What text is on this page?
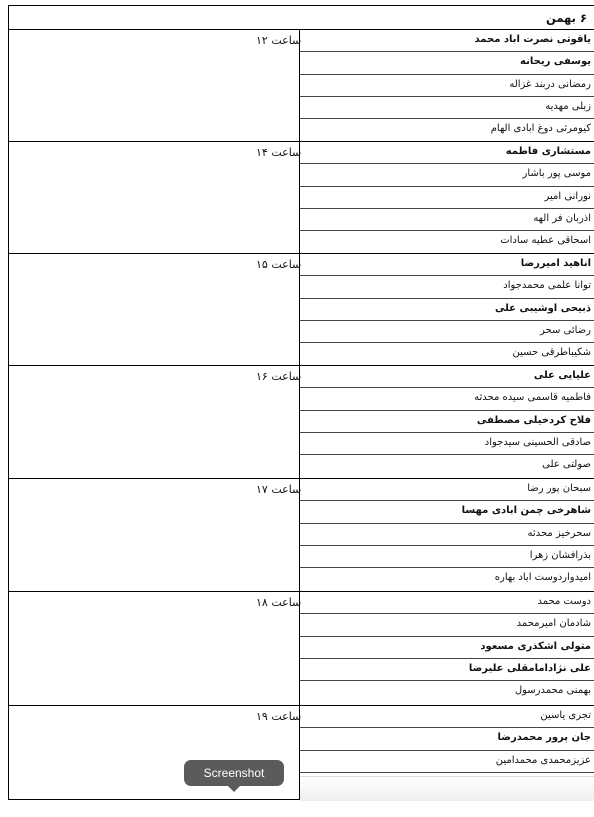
۶ بهمن
ساعت ۱۲	یاقوتی نصرت اباد محمد
یوسفی ریحانه
رمضانی دربند غزاله
زبلی مهدیه
کیومرثی دوغ ابادی الهام
ساعت ۱۴	مستشاری فاطمه
موسی پور باشار
نورانی امیر
اذربان فر الهه
اسحاقی عطیه سادات
ساعت ۱۵	اناهید امیررضا
توانا علمی محمدجواد
ذبیحی اوشیبی علی
رضائی سحر
شکیباطرقی حسین
ساعت ۱۶	علیایی علی
فاطمیه قاسمی سیده محدثه
فلاح کردخیلی مصطفی
صادقی الحسینی سیدجواد
صولتی علی
ساعت ۱۷	سبحان پور رضا
شاهرخی چمن ابادی مهسا
سحرخیز محدثه
بذرافشان زهرا
امیدواردوست اباد بهاره
ساعت ۱۸	دوست محمد
شادمان امیرمحمد
متولی اشکذری مسعود
علی نژادامامقلی علیرضا
بهمنی محمدرسول
ساعت ۱۹	تجری یاسین
جان پرور محمدرضا
عزیزمحمدی محمدامین
Screenshot
